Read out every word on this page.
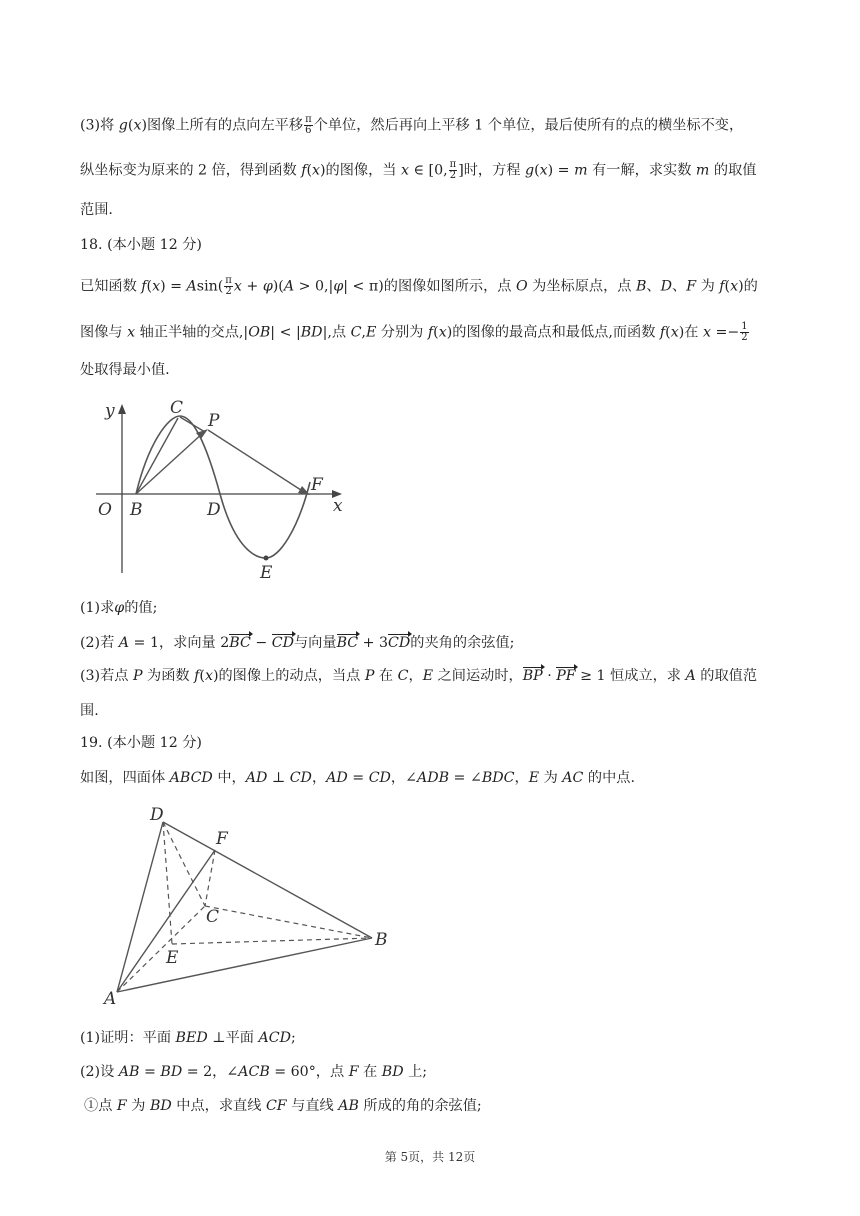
(3)将 g(x)图像上所有的点向左平移 $\frac{\pi}{6}$ 个单位，然后再向上平移 1 个单位，最后使所有的点的横坐标不变，
纵坐标变为原来的 2 倍，得到函数 f(x)的图像，当 x ∈ [0, $\frac{\pi}{2}$ ]时，方程 g(x) = m 有一解，求实数 m 的取值
范围.
18. (本小题 12 分)
已知函数 $f(x) = Asin( \frac{\pi}{2}$ x + φ)(A > 0,|φ| < π)的图像如图所示，点 O 为坐标原点，点 B、D、F 为 f(x)的
图像与 x 轴正半轴的交点,|OB| < |BD|,点 C,E 分别为 f(x)的图像的最高点和最低点,而函数 f(x)在 $x =- \frac{1}{2}$
处取得最小值.
y
x
O B	D
F
C
P
E
(1)求φ的值;
(2)若 A = 1，求向量 2BC − CD与向量BC + 3CD的夹角的余弦值;
(3)若点 P 为函数 f(x)的图像上的动点，当点 P 在 C，E 之间运动时，BP · PF ≥ 1 恒成立，求 A 的取值范
围.
19. (本小题 12 分)
如图，四面体 ABCD 中，AD ⊥ CD，AD = CD，∠ADB = ∠BDC，E 为 AC 的中点.
D
F
C
B
E
A
(1)证明：平面 BED ⊥平面 ACD;
(2)设 AB = BD = 2，∠ACB = 60°，点 F 在 BD 上;
①点 F 为 BD 中点，求直线 CF 与直线 AB 所成的角的余弦值;
第 5页，共 12页
